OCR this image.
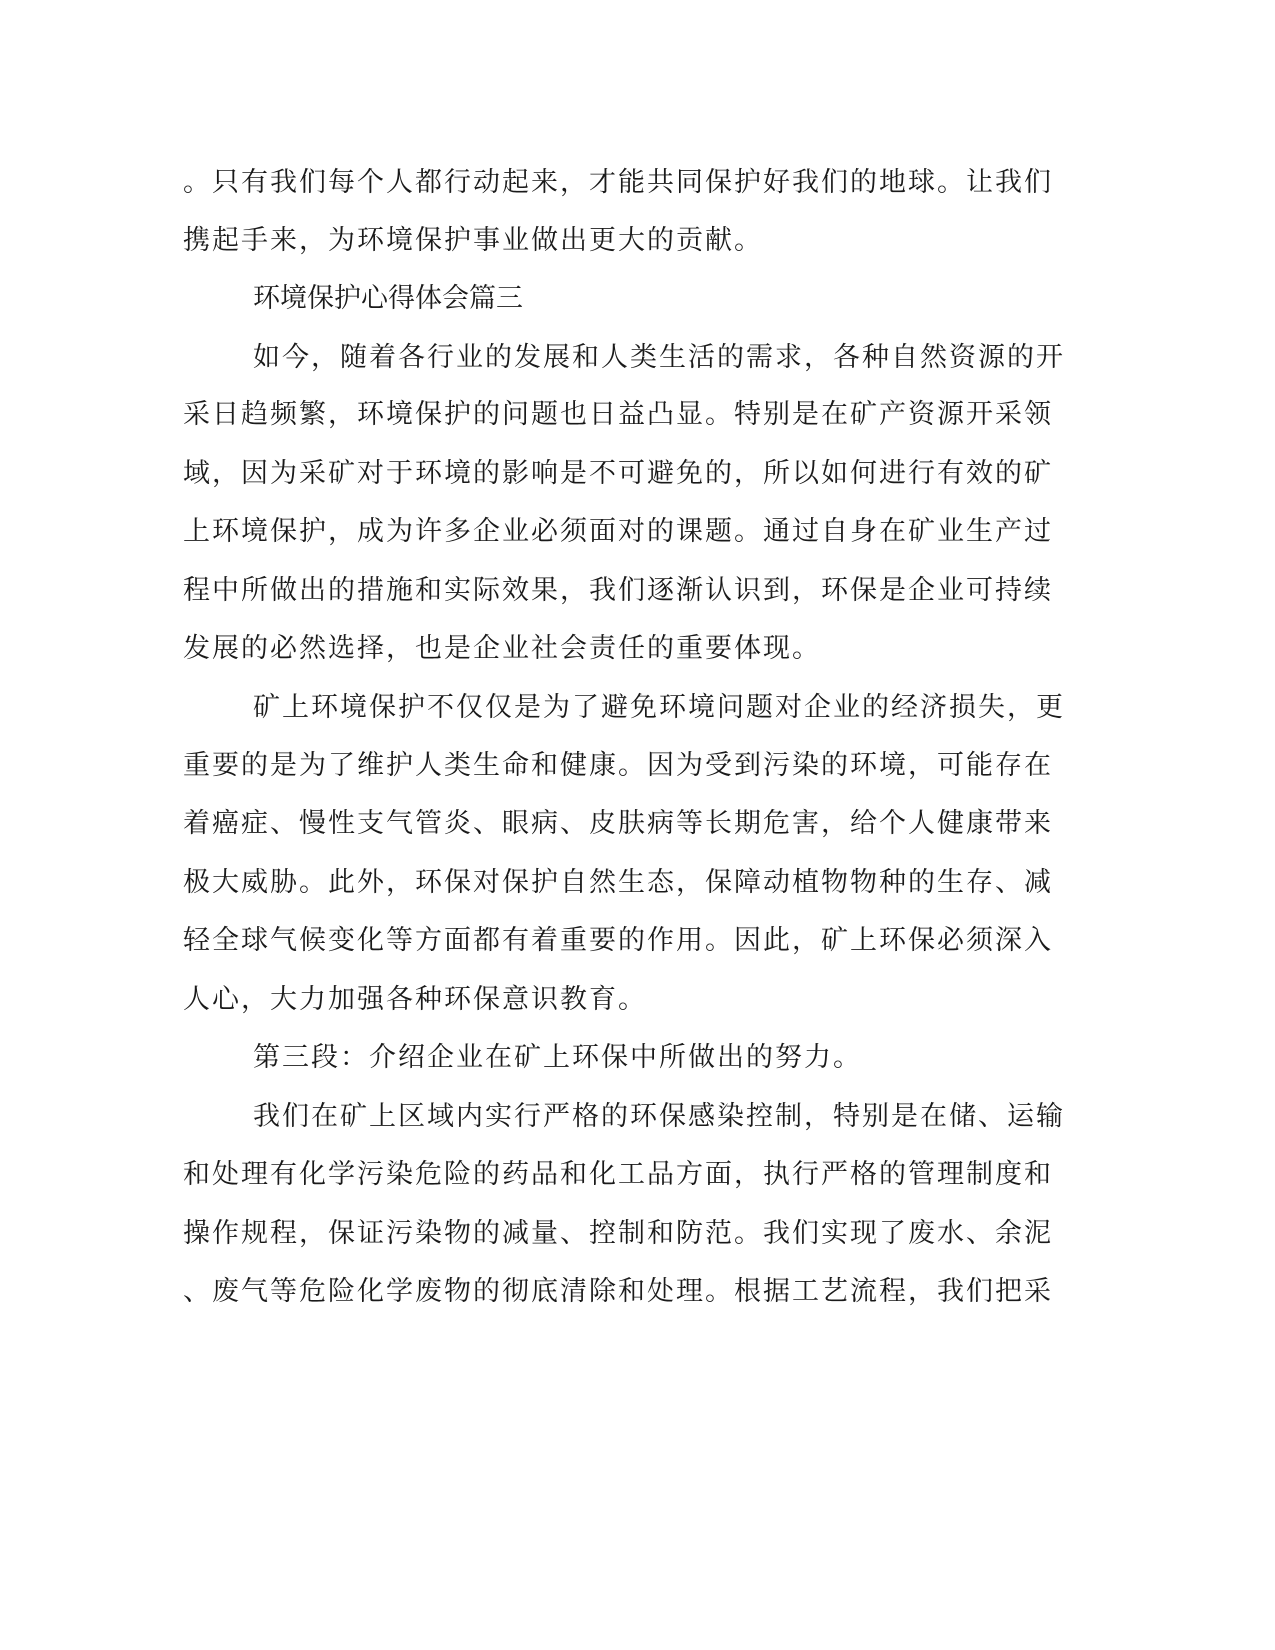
。只有我们每个人都行动起来，才能共同保护好我们的地球。让我们
携起手来，为环境保护事业做出更大的贡献。
环境保护心得体会篇三
如今，随着各行业的发展和人类生活的需求，各种自然资源的开
采日趋频繁，环境保护的问题也日益凸显。特别是在矿产资源开采领
域，因为采矿对于环境的影响是不可避免的，所以如何进行有效的矿
上环境保护，成为许多企业必须面对的课题。通过自身在矿业生产过
程中所做出的措施和实际效果，我们逐渐认识到，环保是企业可持续
发展的必然选择，也是企业社会责任的重要体现。
矿上环境保护不仅仅是为了避免环境问题对企业的经济损失，更
重要的是为了维护人类生命和健康。因为受到污染的环境，可能存在
着癌症、慢性支气管炎、眼病、皮肤病等长期危害，给个人健康带来
极大威胁。此外，环保对保护自然生态，保障动植物物种的生存、减
轻全球气候变化等方面都有着重要的作用。因此，矿上环保必须深入
人心，大力加强各种环保意识教育。
第三段：介绍企业在矿上环保中所做出的努力。
我们在矿上区域内实行严格的环保感染控制，特别是在储、运输
和处理有化学污染危险的药品和化工品方面，执行严格的管理制度和
操作规程，保证污染物的减量、控制和防范。我们实现了废水、余泥
、废气等危险化学废物的彻底清除和处理。根据工艺流程，我们把采
